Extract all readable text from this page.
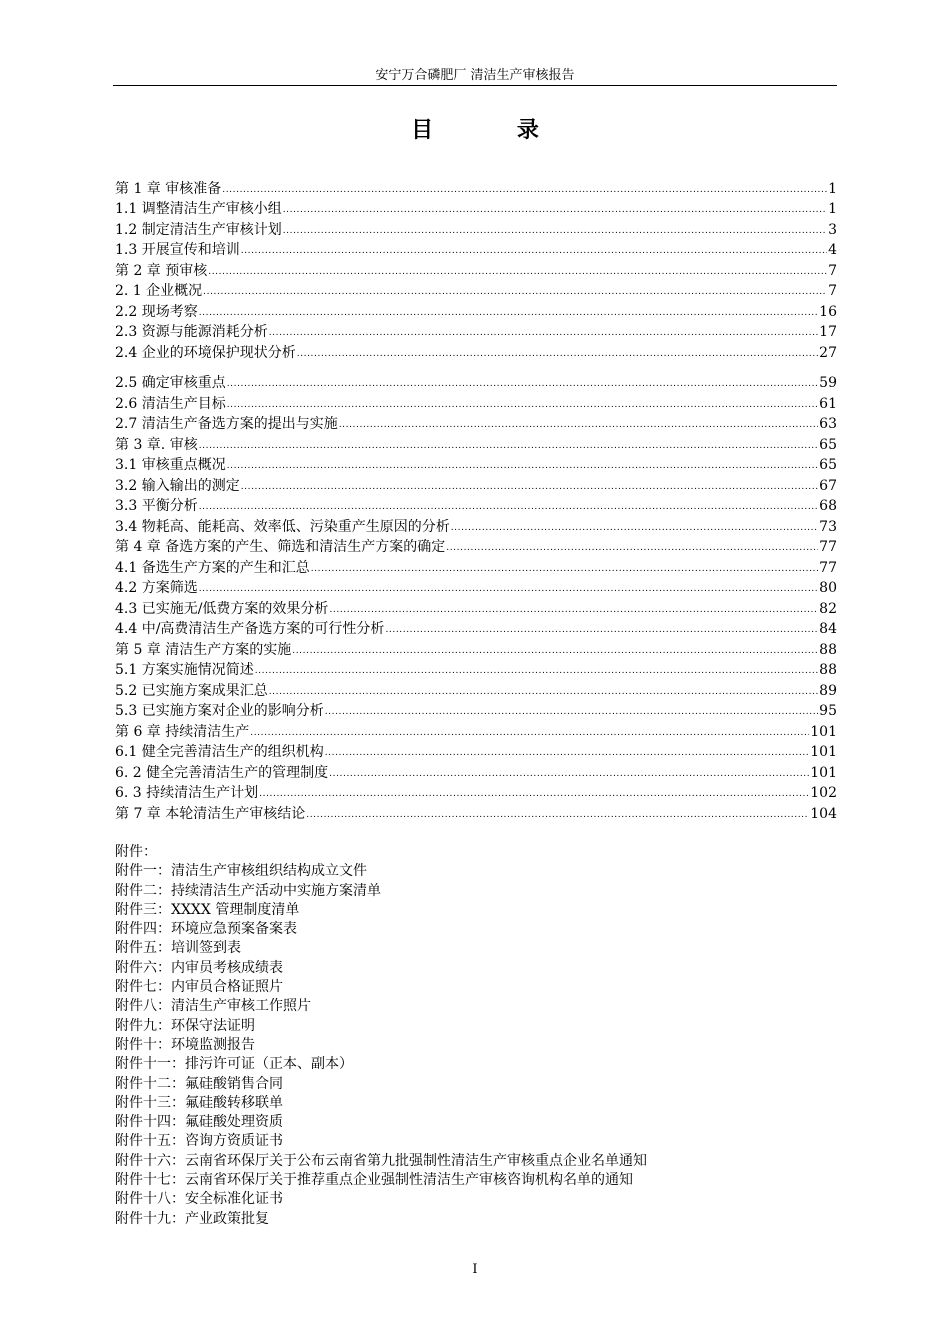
安宁万合磷肥厂 清洁生产审核报告
目 录
第 1 章 审核准备 .....	1
1.1 调整清洁生产审核小组 .....	1
1.2 制定清洁生产审核计划 .....	3
1.3 开展宣传和培训 .....	4
第 2 章 预审核 .....	7
2. 1 企业概况 .....	7
2.2 现场考察 .....	16
2.3 资源与能源消耗分析 .....	17
2.4 企业的环境保护现状分析 .....	27
2.5 确定审核重点 .....	59
2.6 清洁生产目标 .....	61
2.7 清洁生产备选方案的提出与实施 .....	63
第 3 章. 审核 .....	65
3.1 审核重点概况 .....	65
3.2 输入输出的测定 .....	67
3.3 平衡分析 .....	68
3.4 物耗高、能耗高、效率低、污染重产生原因的分析 .....	73
第 4 章 备选方案的产生、筛选和清洁生产方案的确定 .....	77
4.1 备选生产方案的产生和汇总 .....	77
4.2 方案筛选 .....	80
4.3 已实施无/低费方案的效果分析 .....	82
4.4 中/高费清洁生产备选方案的可行性分析 .....	84
第 5 章 清洁生产方案的实施 .....	88
5.1 方案实施情况简述 .....	88
5.2 已实施方案成果汇总 .....	89
5.3 已实施方案对企业的影响分析 .....	95
第 6 章 持续清洁生产 .....	101
6.1 健全完善清洁生产的组织机构 .....	101
6. 2 健全完善清洁生产的管理制度 .....	101
6. 3 持续清洁生产计划 .....	102
第 7 章 本轮清洁生产审核结论 .....	104
附件：
附件一：清洁生产审核组织结构成立文件
附件二：持续清洁生产活动中实施方案清单
附件三：XXXX 管理制度清单
附件四：环境应急预案备案表
附件五：培训签到表
附件六：内审员考核成绩表
附件七：内审员合格证照片
附件八：清洁生产审核工作照片
附件九：环保守法证明
附件十：环境监测报告
附件十一：排污许可证（正本、副本）
附件十二：氟硅酸销售合同
附件十三：氟硅酸转移联单
附件十四：氟硅酸处理资质
附件十五：咨询方资质证书
附件十六：云南省环保厅关于公布云南省第九批强制性清洁生产审核重点企业名单通知
附件十七：云南省环保厅关于推荐重点企业强制性清洁生产审核咨询机构名单的通知
附件十八：安全标准化证书
附件十九：产业政策批复
I
